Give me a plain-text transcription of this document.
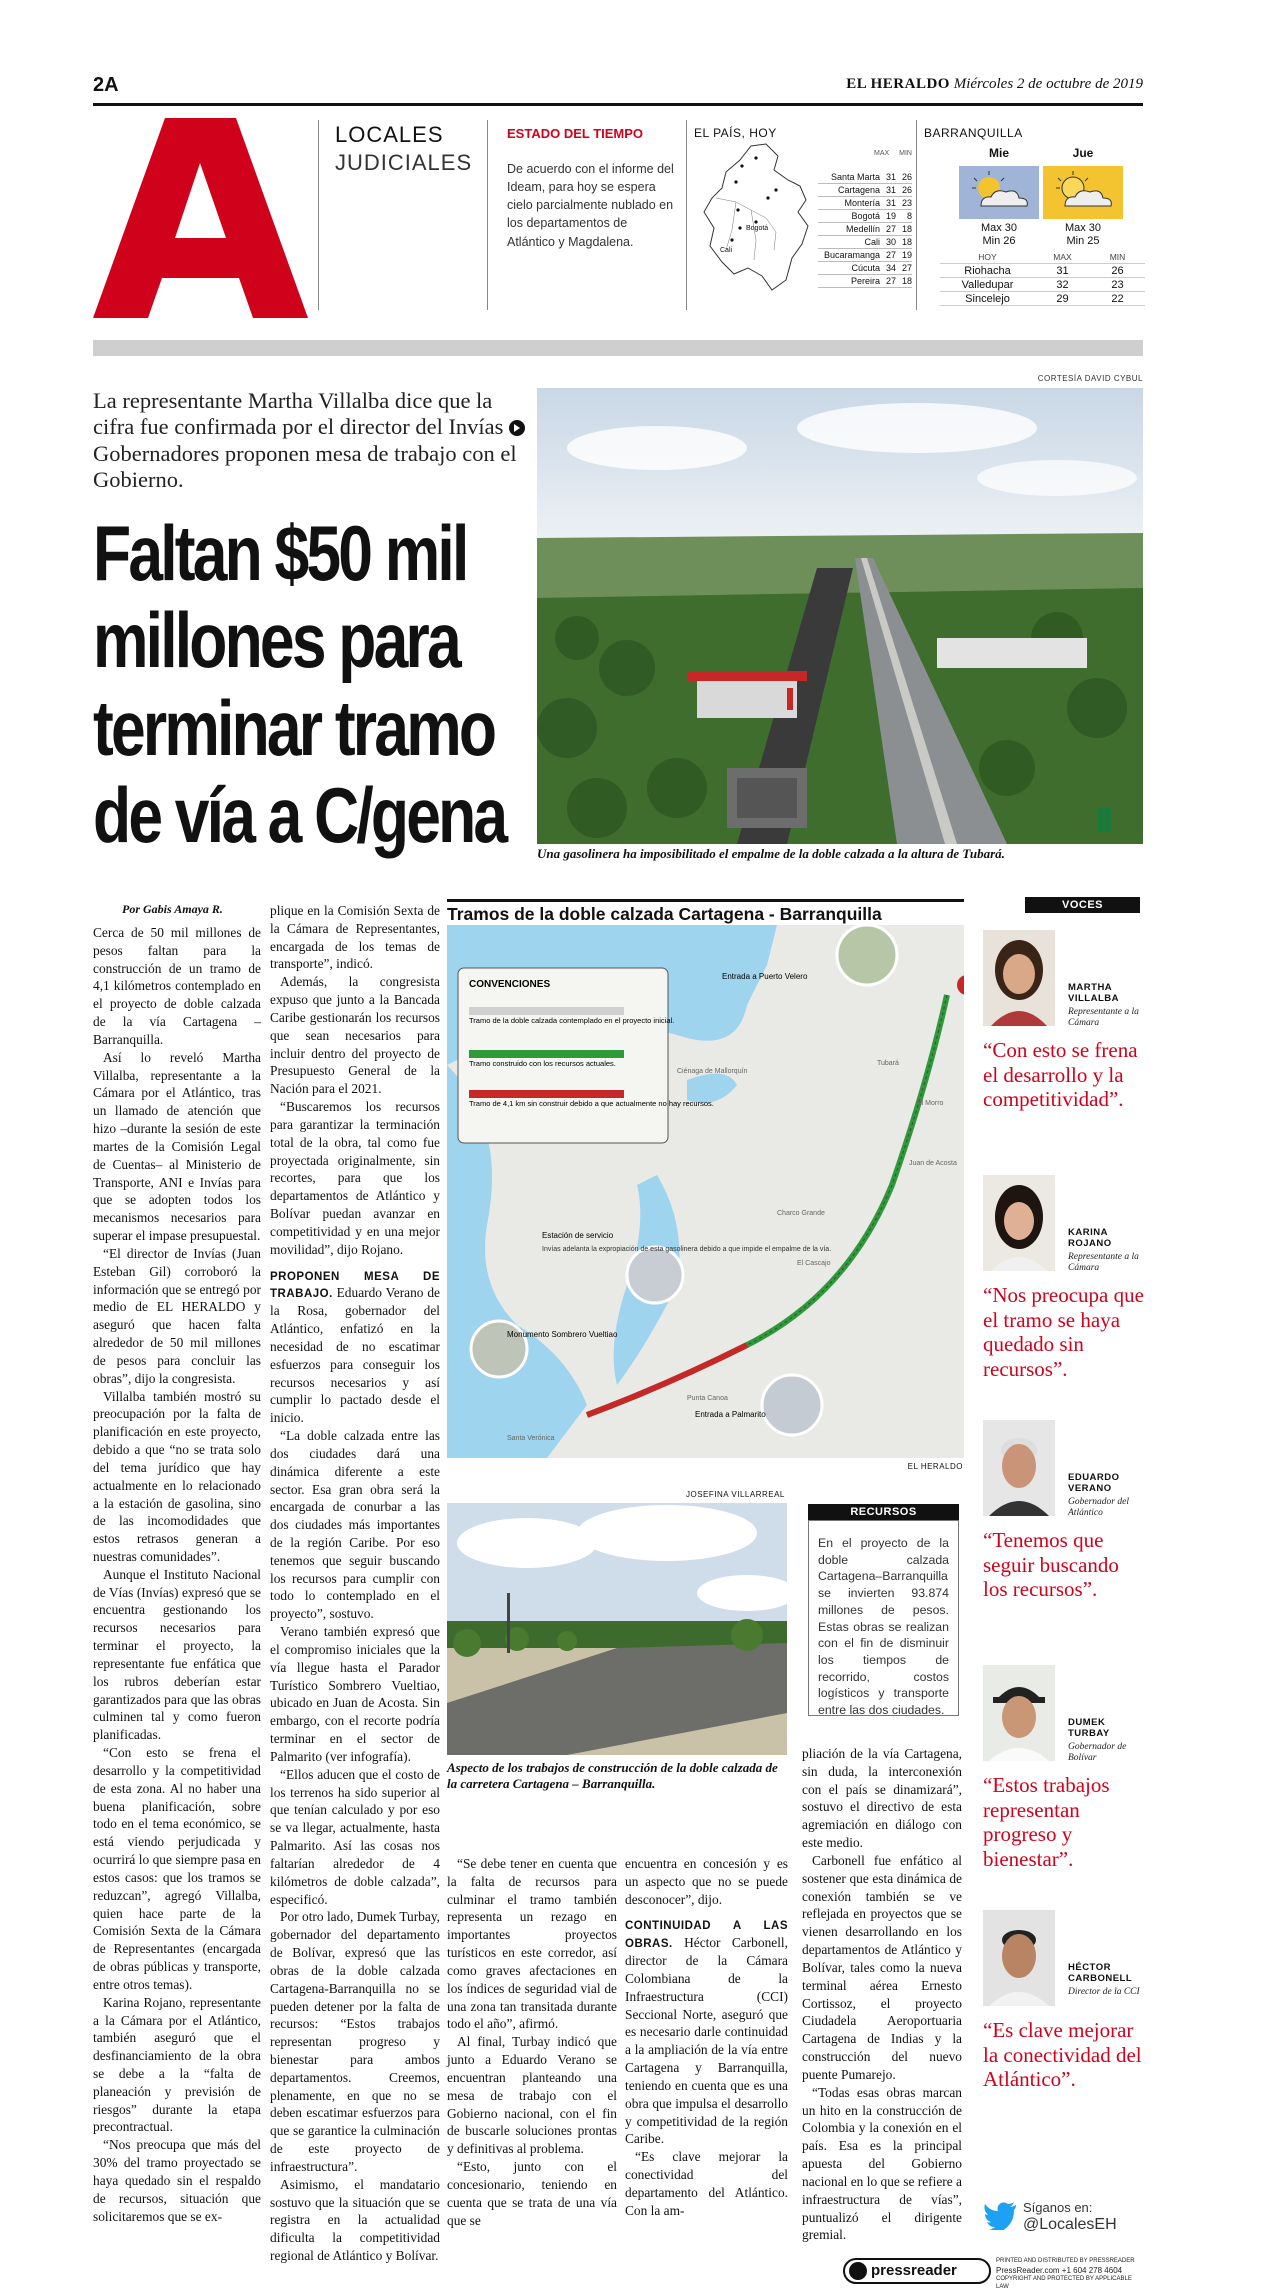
2A	EL HERALDO Miércoles 2 de octubre de 2019
LOCALES
JUDICIALES
ESTADO DEL TIEMPO
De acuerdo con el informe del Ideam, para hoy se espera cielo parcialmente nublado en los departamentos de Atlántico y Magdalena.
EL PAÍS, HOY
Bogotá
Cali
MAX MIN
Santa Marta 31 26
Cartagena 31 26
Montería 31 23
Bogotá 19	8
Medellín 27 18
Cali 30 18
Bucaramanga 27 19
Cúcuta 34 27
Pereira 27 18
BARRANQUILLA
Mie	Jue
Max 30
Min 26
Max 30
Min 25
HOY	MAX	MIN
Riohacha	31	26
Valledupar	32	23
Sincelejo	29	22
CORTESÍA DAVID CYBUL
La representante Martha Villalba dice que la cifra fue confirmada por el director del Invías  Gobernadores proponen mesa de trabajo con el Gobierno.
Faltan $50 mil
millones para
terminar tramo
de vía a C/gena Una gasolinera ha imposibilitado el empalme de la doble calzada a la altura de Tubará.
Por Gabis Amaya R.

Cerca de 50 mil millones de pesos faltan para la construcción de un tramo de 4,1 kilómetros contemplado en el proyecto de doble calzada de la vía Cartagena – Barranquilla.

Así lo reveló Martha Villalba, representante a la Cámara por el Atlántico, tras un llamado de atención que hizo –durante la sesión de este martes de la Comisión Legal de Cuentas– al Ministerio de Transporte, ANI e Invías para que se adopten todos los mecanismos necesarios para superar el impase presupuestal.

“El director de Invías (Juan Esteban Gil) corroboró la información que se entregó por medio de EL HERALDO y aseguró que hacen falta alrededor de 50 mil millones de pesos para concluir las obras”, dijo la congresista.

Villalba también mostró su preocupación por la falta de planificación en este proyecto, debido a que “no se trata solo del tema jurídico que hay actualmente en lo relacionado a la estación de gasolina, sino de las incomodidades que estos retrasos generan a nuestras comunidades”.

Aunque el Instituto Nacional de Vías (Invías) expresó que se encuentra gestionando los recursos necesarios para terminar el proyecto, la representante fue enfática que los rubros deberían estar garantizados para que las obras culminen tal y como fueron planificadas.

“Con esto se frena el desarrollo y la competitividad de esta zona. Al no haber una buena planificación, sobre todo en el tema económico, se está viendo perjudicada y ocurrirá lo que siempre pasa en estos casos: que los tramos se reduzcan”, agregó Villalba, quien hace parte de la Comisión Sexta de la Cámara de Representantes (encargada de obras públicas y transporte, entre otros temas).

Karina Rojano, representante a la Cámara por el Atlántico, también aseguró que el desfinanciamiento de la obra se debe a la “falta de planeación y previsión de riesgos” durante la etapa precontractual.

“Nos preocupa que más del 30% del tramo proyectado se haya quedado sin el respaldo de recursos, situación que solicitaremos que se ex-

plique en la Comisión Sexta de la Cámara de Representantes, encargada de los temas de transporte”, indicó.

Además, la congresista expuso que junto a la Bancada Caribe gestionarán los recursos que sean necesarios para incluir dentro del proyecto de Presupuesto General de la Nación para el 2021.

“Buscaremos los recursos para garantizar la terminación total de la obra, tal como fue proyectada originalmente, sin recortes, para que los departamentos de Atlántico y Bolívar puedan avanzar en competitividad y en una mejor movilidad”, dijo Rojano.

PROPONEN MESA DE TRABAJO. Eduardo Verano de la Rosa, gobernador del Atlántico, enfatizó en la necesidad de no escatimar esfuerzos para conseguir los recursos necesarios y así cumplir lo pactado desde el inicio.

“La doble calzada entre las dos ciudades dará una dinámica diferente a este sector. Esa gran obra será la encargada de conurbar a las dos ciudades más importantes de la región Caribe. Por eso tenemos que seguir buscando los recursos para cumplir con todo lo contemplado en el proyecto”, sostuvo.

Verano también expresó que el compromiso iniciales que la vía llegue hasta el Parador Turístico Sombrero Vueltiao, ubicado en Juan de Acosta. Sin embargo, con el recorte podría terminar en el sector de Palmarito (ver infografía).

“Ellos aducen que el costo de los terrenos ha sido superior al que tenían calculado y por eso se va llegar, actualmente, hasta Palmarito. Así las cosas nos faltarían alrededor de 4 kilómetros de doble calzada”, especificó.

Por otro lado, Dumek Turbay, gobernador del departamento de Bolívar, expresó que las obras de la doble calzada Cartagena-Barranquilla no se pueden detener por la falta de recursos: “Estos trabajos representan progreso y bienestar para ambos departamentos. Creemos, plenamente, en que no se deben escatimar esfuerzos para que se garantice la culminación de este proyecto de infraestructura”.

Asimismo, el mandatario sostuvo que la situación que se registra en la actualidad dificulta la competitividad regional de Atlántico y Bolívar.

Tramos de la doble calzada Cartagena - Barranquilla
CONVENCIONES
Tramo de la doble calzada contemplado en el proyecto inicial.
Tramo construido con los recursos actuales.
Tramo de 4,1 km sin construir debido a que actualmente no hay recursos.
Entrada a Puerto Velero
Estación de servicio
Invías adelanta la expropiación de esta gasolinera debido a que impide el empalme de la vía.
Monumento Sombrero Vueltiao
Entrada a Palmarito
Tubará
El Morro
Juan de Acosta
Santa Verónica
Punta Canoa
Charco Grande
El Cascajo
Ciénaga de Mallorquín
EL HERALDO
JOSEFINA VILLARREAL
Aspecto de los trabajos de construcción de la doble calzada de la carretera Cartagena – Barranquilla.
RECURSOS
En el proyecto de la doble calzada Cartagena–Barranquilla se invierten 93.874 millones de pesos. Estas obras se realizan con el fin de disminuir los tiempos de recorrido, costos logísticos y transporte entre las dos ciudades.

“Se debe tener en cuenta que la falta de recursos para culminar el tramo también representa un rezago en importantes proyectos turísticos en este corredor, así como graves afectaciones en los índices de seguridad vial de una zona tan transitada durante todo el año”, afirmó.

Al final, Turbay indicó que junto a Eduardo Verano se encuentran planteando una mesa de trabajo con el Gobierno nacional, con el fin de buscarle soluciones prontas y definitivas al problema.

“Esto, junto con el concesionario, teniendo en cuenta que se trata de una vía que se

encuentra en concesión y es un aspecto que no se puede desconocer”, dijo.

CONTINUIDAD A LAS OBRAS. Héctor Carbonell, director de la Cámara Colombiana de la Infraestructura (CCI) Seccional Norte, aseguró que es necesario darle continuidad a la ampliación de la vía entre Cartagena y Barranquilla, teniendo en cuenta que es una obra que impulsa el desarrollo y competitividad de la región Caribe.

“Es clave mejorar la conectividad del departamento del Atlántico. Con la am-

pliación de la vía Cartagena, sin duda, la interconexión con el país se dinamizará”, sostuvo el directivo de esta agremiación en diálogo con este medio.

Carbonell fue enfático al sostener que esta dinámica de conexión también se ve reflejada en proyectos que se vienen desarrollando en los departamentos de Atlántico y Bolívar, tales como la nueva terminal aérea Ernesto Cortissoz, el proyecto Ciudadela Aeroportuaria Cartagena de Indias y la construcción del nuevo puente Pumarejo.

“Todas esas obras marcan un hito en la construcción de Colombia y la conexión en el país. Esa es la principal apuesta del Gobierno nacional en lo que se refiere a infraestructura de vías”, puntualizó el dirigente gremial.

VOCES
MARTHA
VILLALBA
Representante a la Cámara
“Con esto se frena el desarrollo y la competitividad”.
KARINA
ROJANO
Representante a la Cámara
“Nos preocupa que el tramo se haya quedado sin recursos”.
EDUARDO
VERANO
Gobernador del Atlántico
“Tenemos que seguir buscando los recursos”.
DUMEK
TURBAY
Gobernador de Bolívar
“Estos trabajos representan progreso y bienestar”.
HÉCTOR
CARBONELL
Director de la CCI
“Es clave mejorar la conectividad del Atlántico”.
Síganos en:
@LocalesEH
pressreader
PRINTED AND DISTRIBUTED BY PRESSREADER
PressReader.com +1 604 278 4604
COPYRIGHT AND PROTECTED BY APPLICABLE LAW
